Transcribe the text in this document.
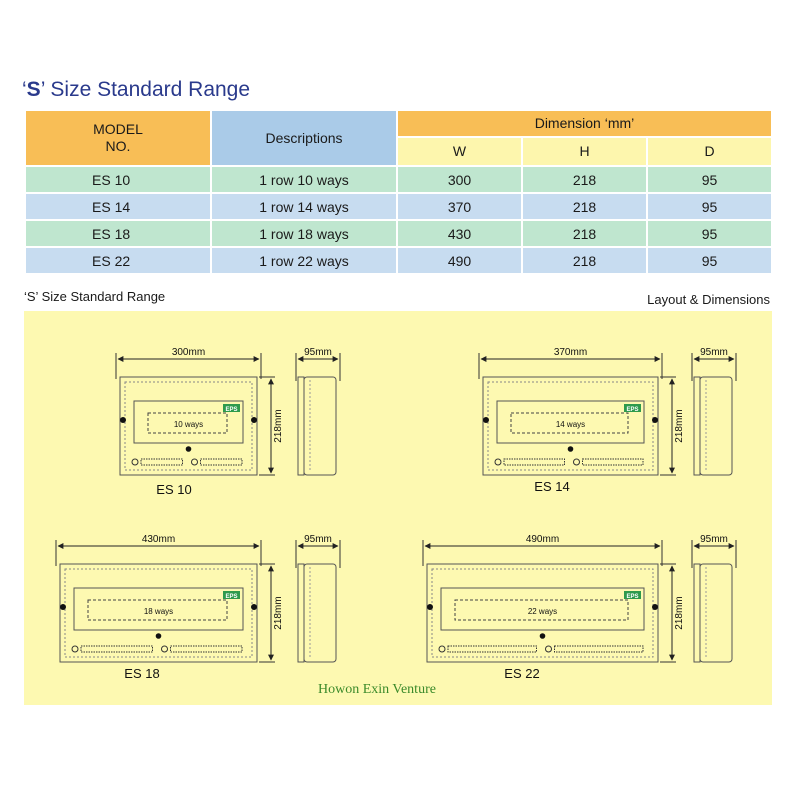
‘S’ Size Standard Range
MODEL
NO.	Descriptions	Dimension ‘mm’		
		W	H	D
ES 10	1 row 10 ways	300	218	95
ES 14	1 row 14 ways	370	218	95
ES 18	1 row 18 ways	430	218	95
ES 22	1 row 22 ways	490	218	95
‘S’ Size Standard Range	Layout & Dimensions
300mm
10 ways
EPS	218mm
95mm
ES 10
370mm
14 ways
EPS	218mm
95mm
ES 14
430mm
18 ways
EPS	218mm
95mm
ES 18
490mm
22 ways
EPS	218mm
95mm
ES 22
Howon Exin Venture
